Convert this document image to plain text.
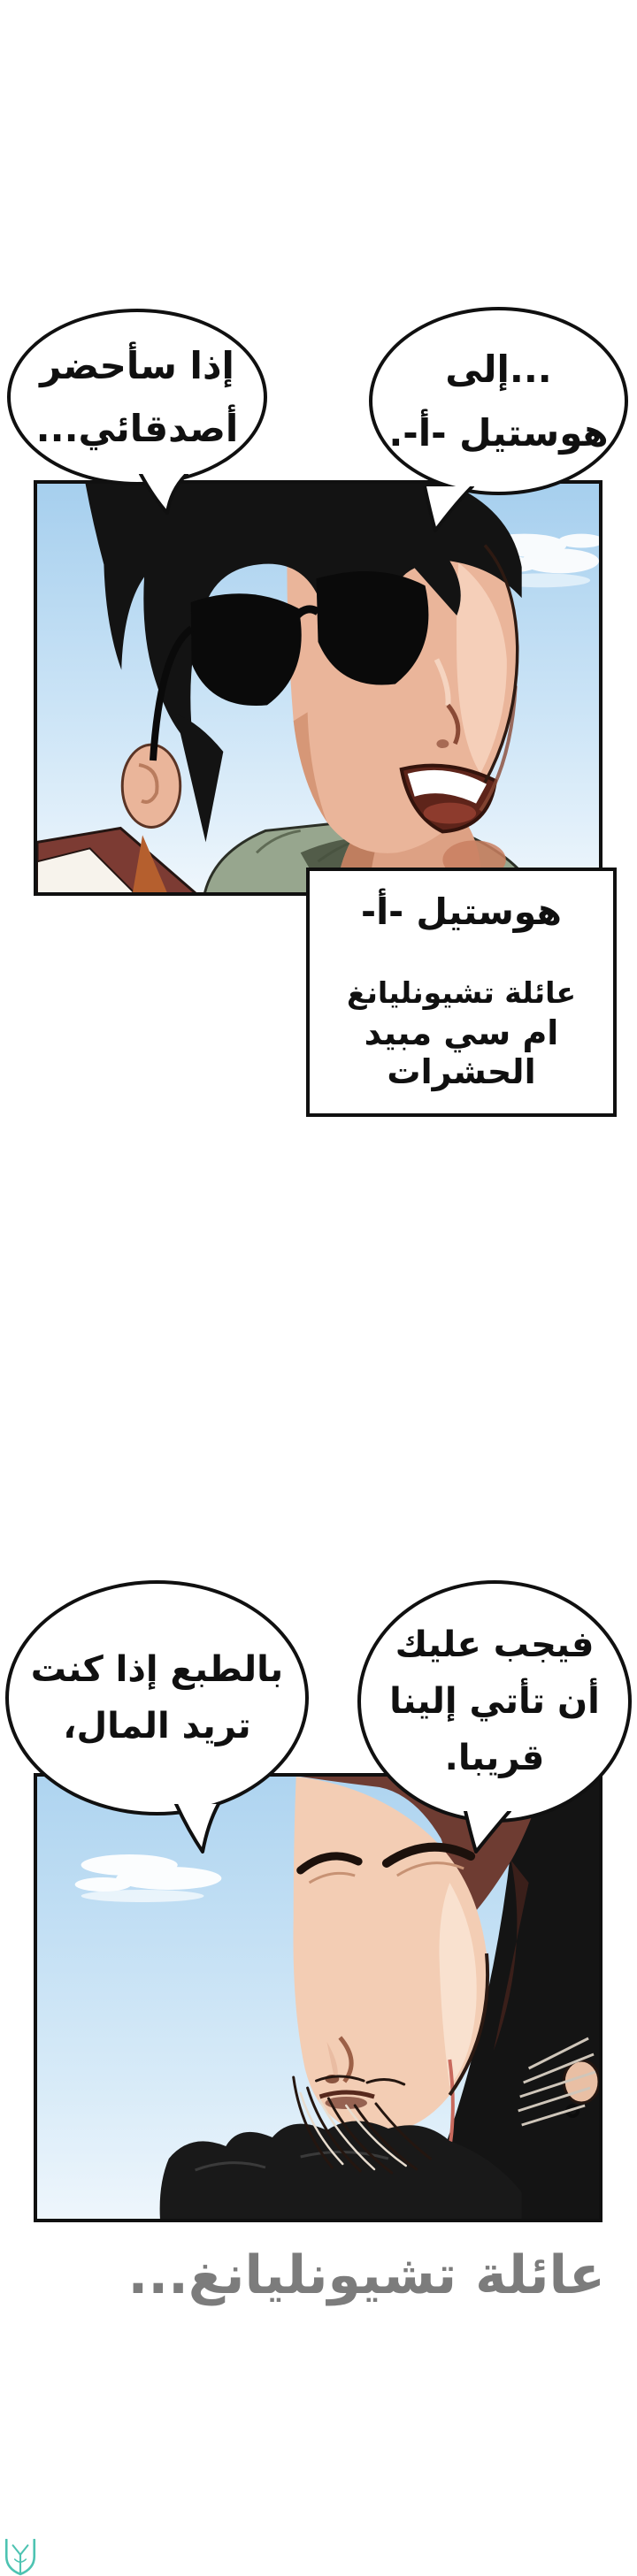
إذا سأحضر
أصدقائي...
...إلى
هوستيل -أ-.
هوستيل -أ-
عائلة تشيونليانغ
ام سي مبيد الحشرات
بالطبع إذا كنت
تريد المال،
فيجب عليك
أن تأتي إلينا
قريبا.
عائلة تشيونليانغ...
